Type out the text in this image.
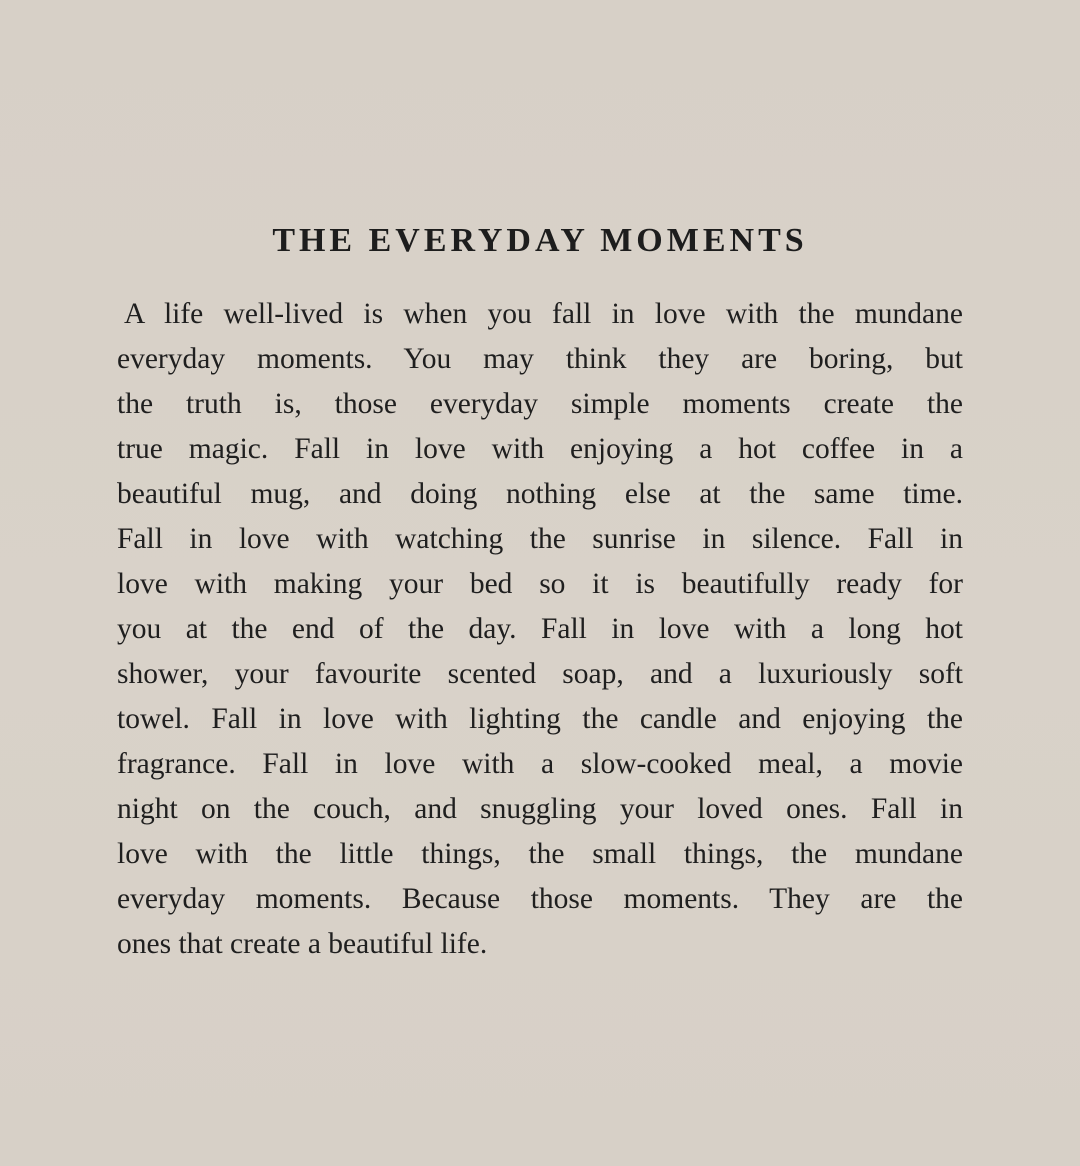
THE EVERYDAY MOMENTS
A life well-lived is when you fall in love with the mundane
everyday moments. You may think they are boring, but
the truth is, those everyday simple moments create the
true magic. Fall in love with enjoying a hot coffee in a
beautiful mug, and doing nothing else at the same time.
Fall in love with watching the sunrise in silence. Fall in
love with making your bed so it is beautifully ready for
you at the end of the day. Fall in love with a long hot
shower, your favourite scented soap, and a luxuriously soft
towel. Fall in love with lighting the candle and enjoying the
fragrance. Fall in love with a slow-cooked meal, a movie
night on the couch, and snuggling your loved ones. Fall in
love with the little things, the small things, the mundane
everyday moments. Because those moments. They are the
ones that create a beautiful life.
